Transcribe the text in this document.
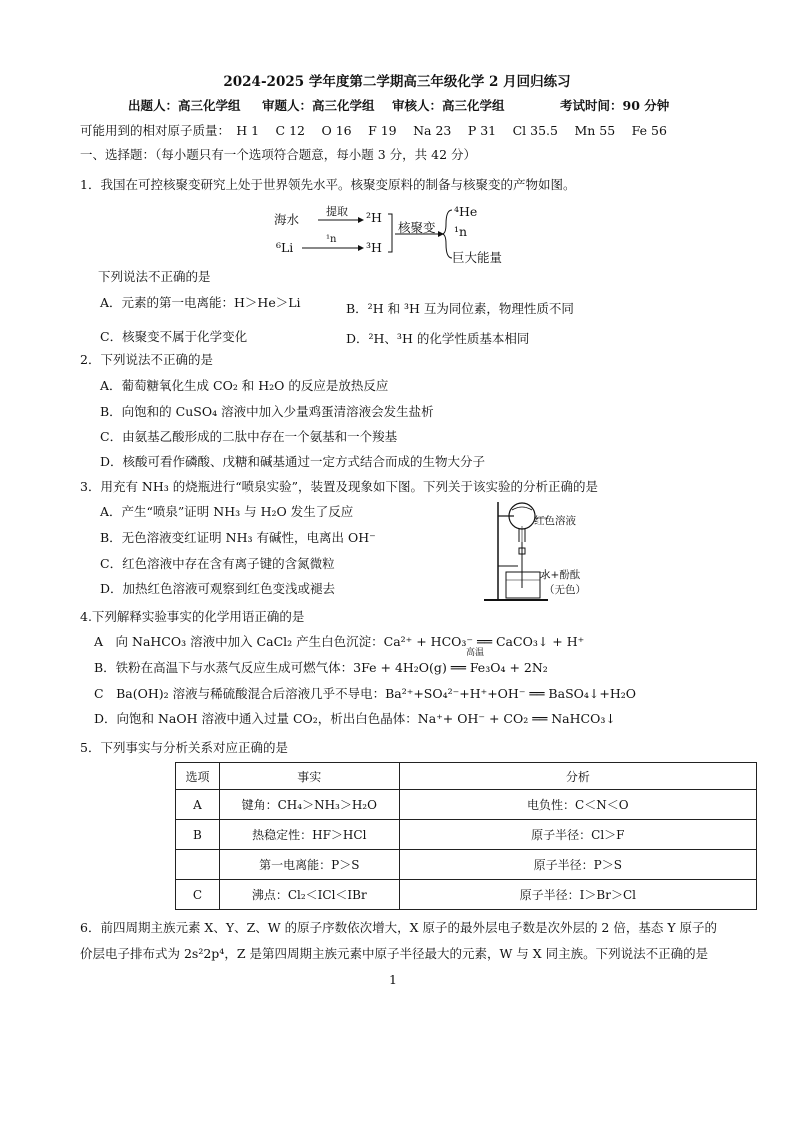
2024-2025 学年度第二学期高三年级化学 2 月回归练习
出题人：高三化学组 审题人：高三化学组 审核人：高三化学组	考试时间：90 分钟
可能用到的相对原子质量：　H 1　 C 12　 O 16　 F 19　 Na 23　 P 31　 Cl 35.5　 Mn 55　 Fe 56
一、选择题：（每小题只有一个选项符合题意，每小题 3 分，共 42 分）
1．我国在可控核聚变研究上处于世界领先水平。核聚变原料的制备与核聚变的产物如图。
海水
提取 ²H
⁶Li
¹n
³H
核聚变
⁴He
¹n
巨大能量
下列说法不正确的是
A．元素的第一电离能：H＞He＞Li	B．²H 和 ³H 互为同位素，物理性质不同
C．核聚变不属于化学变化	D．²H、³H 的化学性质基本相同
2．下列说法不正确的是
A．葡萄糖氧化生成 CO₂ 和 H₂O 的反应是放热反应
B．向饱和的 CuSO₄ 溶液中加入少量鸡蛋清溶液会发生盐析
C．由氨基乙酸形成的二肽中存在一个氨基和一个羧基
D．核酸可看作磷酸、戊糖和碱基通过一定方式结合而成的生物大分子
3．用充有 NH₃ 的烧瓶进行“喷泉实验”，装置及现象如下图。下列关于该实验的分析正确的是
A．产生“喷泉”证明 NH₃ 与 H₂O 发生了反应
B．无色溶液变红证明 NH₃ 有碱性，电离出 OH⁻
C．红色溶液中存在含有离子键的含氮微粒
D．加热红色溶液可观察到红色变浅或褪去
红色溶液
水+酚酞
（无色）
4.下列解释实验事实的化学用语正确的是
A　向 NaHCO₃ 溶液中加入 CaCl₂ 产生白色沉淀：Ca²⁺ + HCO₃⁻ ══ CaCO₃↓ + H⁺
高温
B．铁粉在高温下与水蒸气反应生成可燃气体：3Fe + 4H₂O(g) ══ Fe₃O₄ + 2N₂
C　Ba(OH)₂ 溶液与稀硫酸混合后溶液几乎不导电：Ba²⁺+SO₄²⁻+H⁺+OH⁻ ══ BaSO₄↓+H₂O
D．向饱和 NaOH 溶液中通入过量 CO₂，析出白色晶体：Na⁺+ OH⁻ + CO₂ ══ NaHCO₃↓
5．下列事实与分析关系对应正确的是
选项	事实	分析
A	键角：CH₄＞NH₃＞H₂O	电负性：C＜N＜O
B	热稳定性：HF＞HCl	原子半径：Cl＞F
	第一电离能：P＞S	原子半径：P＞S
C	沸点：Cl₂＜ICl＜IBr	原子半径：I＞Br＞Cl
6．前四周期主族元素 X、Y、Z、W 的原子序数依次增大，X 原子的最外层电子数是次外层的 2 倍，基态 Y 原子的
价层电子排布式为 2s²2p⁴，Z 是第四周期主族元素中原子半径最大的元素，W 与 X 同主族。下列说法不正确的是
1
